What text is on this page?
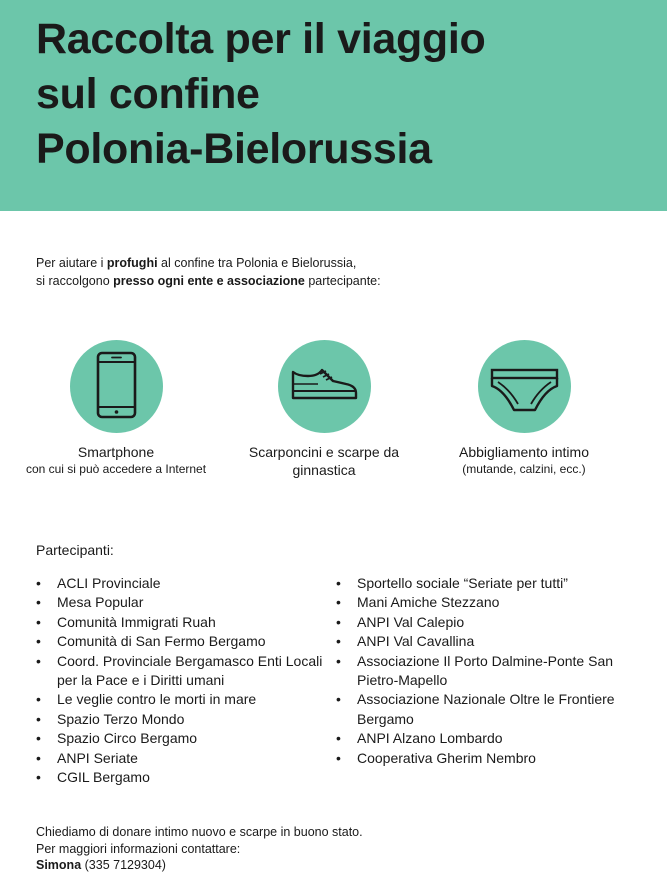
Raccolta per il viaggio
sul confine
Polonia-Bielorussia

Per aiutare i profughi al confine tra Polonia e Bielorussia,

si raccolgono presso ogni ente e associazione partecipante:

Smartphone
con cui si può accedere a Internet
Scarponcini e scarpe da ginnastica
Abbigliamento intimo
(mutande, calzini, ecc.)
Partecipanti:
• ACLI Provinciale
• Mesa Popular
• Comunità Immigrati Ruah
• Comunità di San Fermo Bergamo
• Coord. Provinciale Bergamasco Enti Locali per la Pace e i Diritti umani
• Le veglie contro le morti in mare
• Spazio Terzo Mondo
• Spazio Circo Bergamo
• ANPI Seriate
• CGIL Bergamo
• Sportello sociale “Seriate per tutti”
• Mani Amiche Stezzano
• ANPI Val Calepio
• ANPI Val Cavallina
• Associazione Il Porto Dalmine-Ponte San Pietro-Mapello
• Associazione Nazionale Oltre le Frontiere Bergamo
• ANPI Alzano Lombardo
• Cooperativa Gherim Nembro

Chiediamo di donare intimo nuovo e scarpe in buono stato.

Per maggiori informazioni contattare:

Simona (335 7129304)
